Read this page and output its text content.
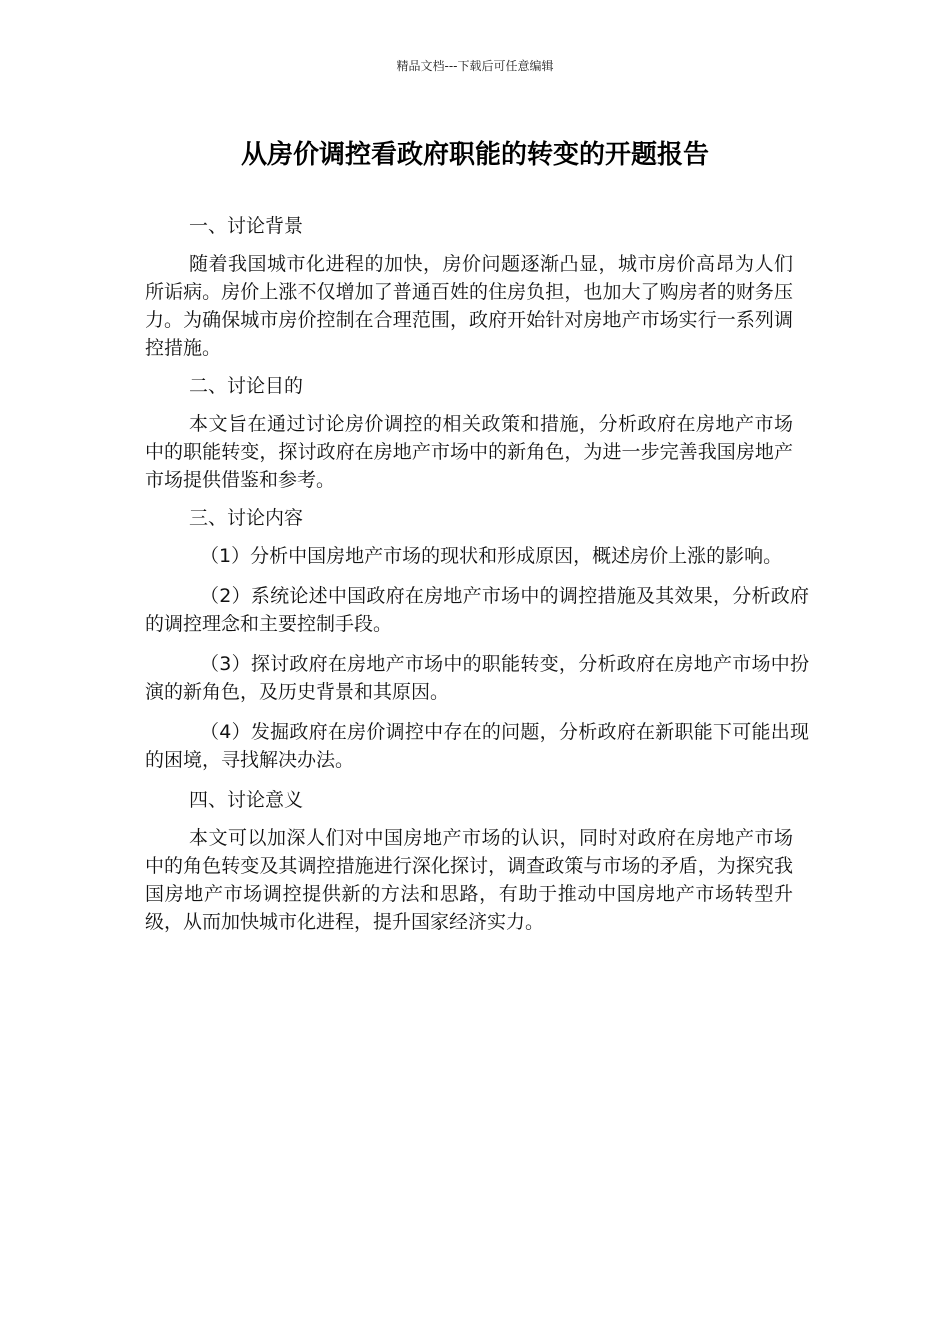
精品文档---下载后可任意编辑
从房价调控看政府职能的转变的开题报告

一、讨论背景

随着我国城市化进程的加快，房价问题逐渐凸显，城市房价高昂为人们所诟病。房价上涨不仅增加了普通百姓的住房负担，也加大了购房者的财务压力。为确保城市房价控制在合理范围，政府开始针对房地产市场实行一系列调控措施。

二、讨论目的

本文旨在通过讨论房价调控的相关政策和措施，分析政府在房地产市场中的职能转变，探讨政府在房地产市场中的新角色，为进一步完善我国房地产市场提供借鉴和参考。

三、讨论内容

（1）分析中国房地产市场的现状和形成原因，概述房价上涨的影响。

（2）系统论述中国政府在房地产市场中的调控措施及其效果，分析政府的调控理念和主要控制手段。

（3）探讨政府在房地产市场中的职能转变，分析政府在房地产市场中扮演的新角色，及历史背景和其原因。

（4）发掘政府在房价调控中存在的问题，分析政府在新职能下可能出现的困境，寻找解决办法。

四、讨论意义

本文可以加深人们对中国房地产市场的认识，同时对政府在房地产市场中的角色转变及其调控措施进行深化探讨，调查政策与市场的矛盾，为探究我国房地产市场调控提供新的方法和思路，有助于推动中国房地产市场转型升级，从而加快城市化进程，提升国家经济实力。
